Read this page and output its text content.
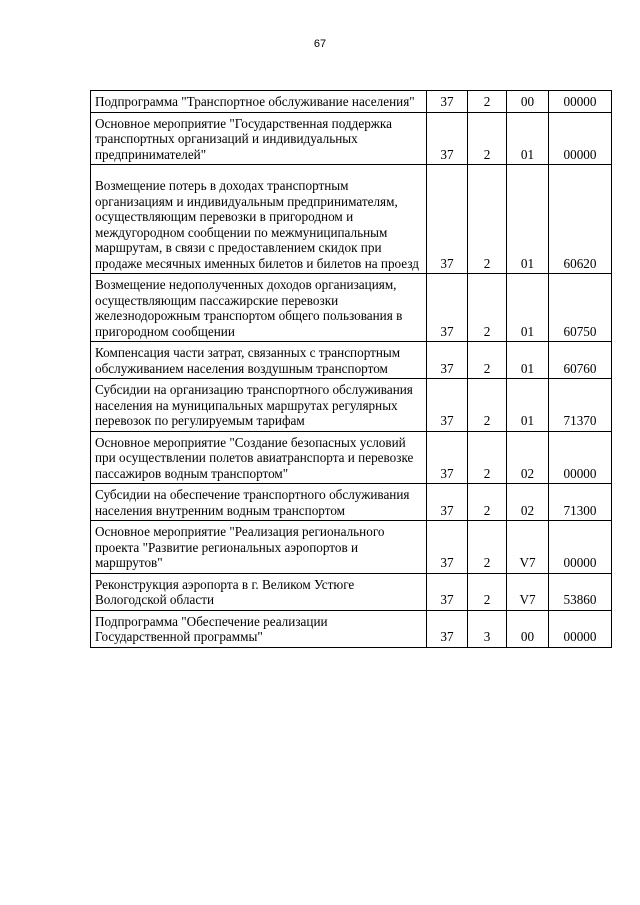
67
Подпрограмма "Транспортное обслуживание населения"	37	2	00	00000
Основное мероприятие "Государственная поддержка транспортных организаций и индивидуальных предпринимателей"	37	2	01	00000
Возмещение потерь в доходах транспортным организациям и индивидуальным предпринимателям, осуществляющим перевозки в пригородном и междугородном сообщении по межмуниципальным маршрутам, в связи с предоставлением скидок при продаже месячных именных билетов и билетов на проезд	37	2	01	60620
Возмещение недополученных доходов организациям, осуществляющим пассажирские перевозки железнодорожным транспортом общего пользования в пригородном сообщении	37	2	01	60750
Компенсация части затрат, связанных с транспортным обслуживанием населения воздушным транспортом	37	2	01	60760
Субсидии на организацию транспортного обслуживания населения на муниципальных маршрутах регулярных перевозок по регулируемым тарифам	37	2	01	71370
Основное мероприятие "Создание безопасных условий при осуществлении полетов авиатранспорта и перевозке пассажиров водным транспортом"	37	2	02	00000
Субсидии на обеспечение транспортного обслуживания населения внутренним водным транспортом	37	2	02	71300
Основное мероприятие "Реализация регионального проекта "Развитие региональных аэропортов и маршрутов"	37	2	V7	00000
Реконструкция аэропорта в г. Великом Устюге Вологодской области	37	2	V7	53860
Подпрограмма "Обеспечение реализации Государственной программы"	37	3	00	00000
